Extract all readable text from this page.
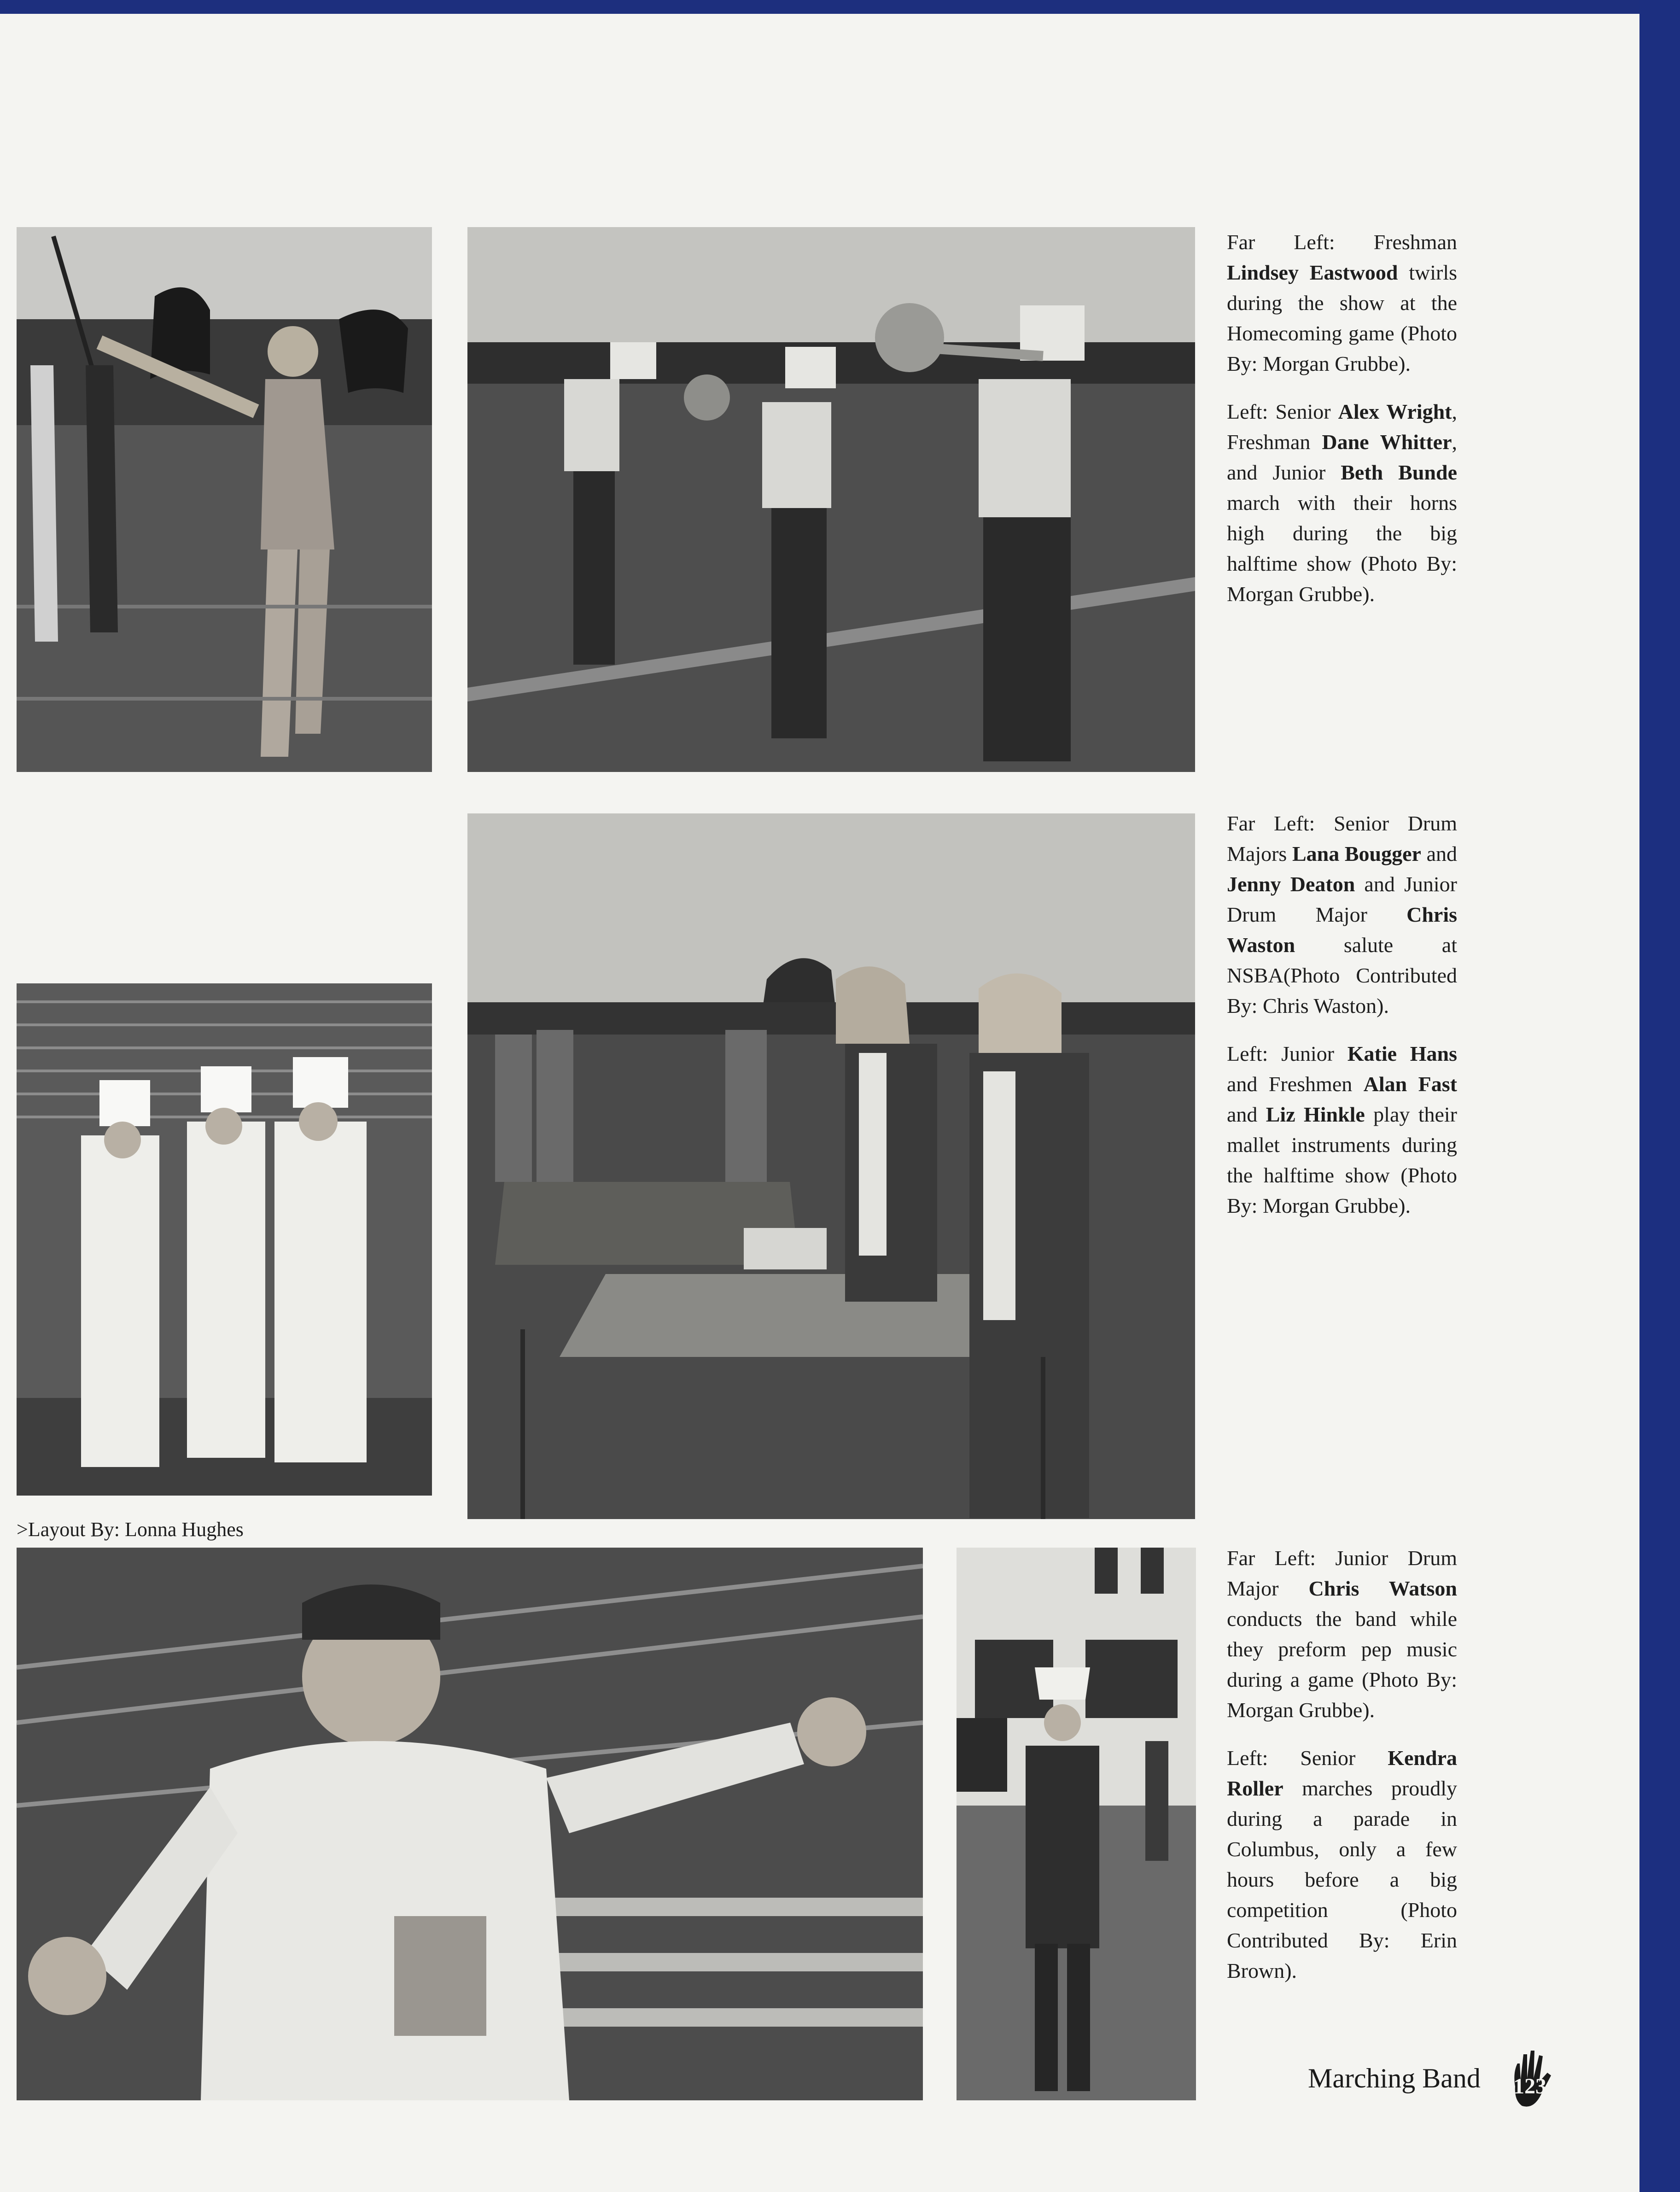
>Layout By: Lonna Hughes

Far Left: Freshman Lindsey Eastwood twirls during the show at the Homecoming game (Photo By: Morgan Grubbe).

Left: Senior Alex Wright, Freshman Dane Whitter, and Junior Beth Bunde march with their horns high during the big halftime show (Photo By: Morgan Grubbe).

Far Left: Senior Drum Majors Lana Bougger and Jenny Deaton and Junior Drum Major Chris Waston salute at NSBA(Photo Contributed By: Chris Waston).

Left: Junior Katie Hans and Freshmen Alan Fast and Liz Hinkle play their mallet instruments during the halftime show (Photo By: Morgan Grubbe).

Far Left: Junior Drum Major Chris Watson conducts the band while they preform pep music during a game (Photo By: Morgan Grubbe).

Left: Senior Kendra Roller marches proudly during a parade in Columbus, only a few hours before a big competition (Photo Contributed By: Erin Brown).

Marching Band 123
